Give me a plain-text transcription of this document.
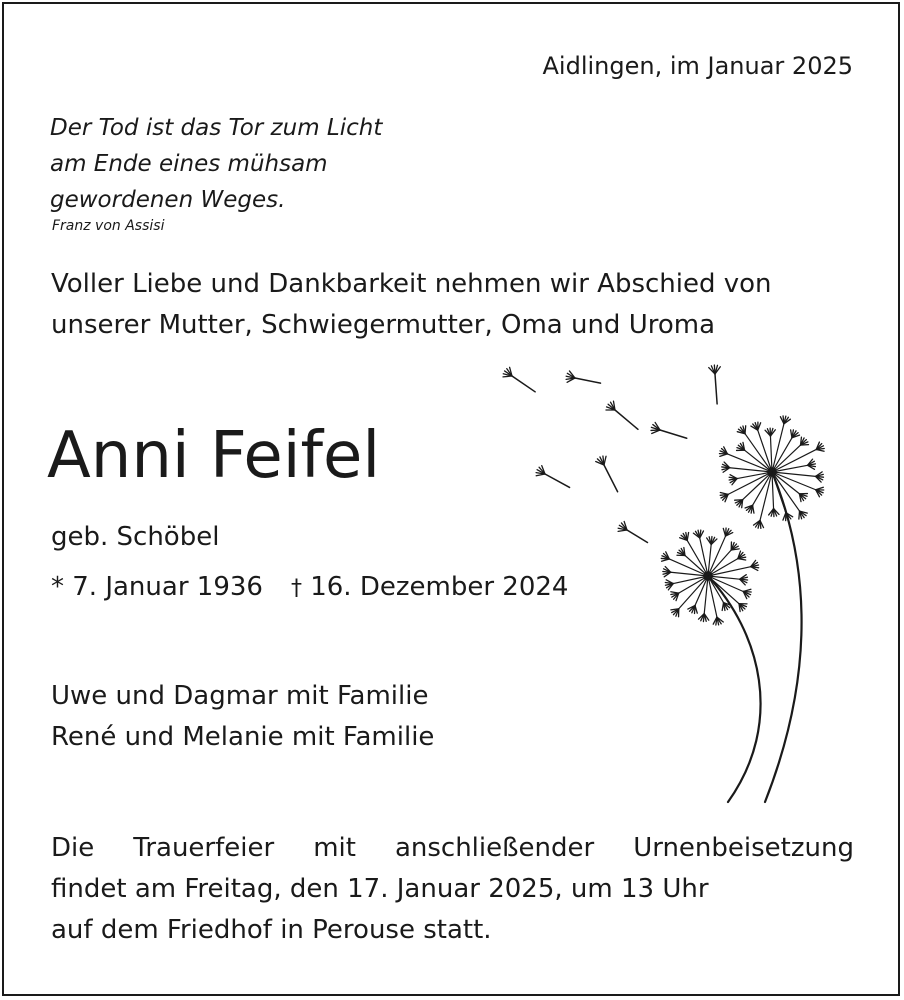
Aidlingen, im Januar 2025
Der Tod ist das Tor zum Licht
am Ende eines mühsam
gewordenen Weges.
Franz von Assisi
Voller Liebe und Dankbarkeit nehmen wir Abschied von
unserer Mutter, Schwiegermutter, Oma und Uroma
Anni Feifel
geb. Schöbel
* 7. Januar 1936 † 16. Dezember 2024
Uwe und Dagmar mit Familie
René und Melanie mit Familie
Die Trauerfeier mit anschließender Urnenbeisetzung
findet am Freitag, den 17. Januar 2025, um 13 Uhr
auf dem Friedhof in Perouse statt.
